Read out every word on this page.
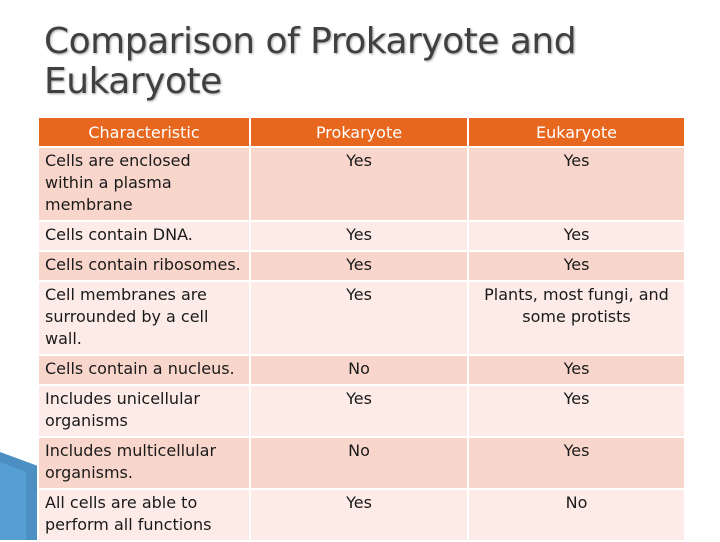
Comparison of Prokaryote and Eukaryote
Characteristic	Prokaryote	Eukaryote
Cells are enclosed within a plasma membrane	Yes	Yes
Cells contain DNA.	Yes	Yes
Cells contain ribosomes.	Yes	Yes
Cell membranes are surrounded by a cell wall.	Yes	Plants, most fungi, and some protists
Cells contain a nucleus.	No	Yes
Includes unicellular organisms	Yes	Yes
Includes multicellular organisms.	No	Yes
All cells are able to perform all functions	Yes	No
